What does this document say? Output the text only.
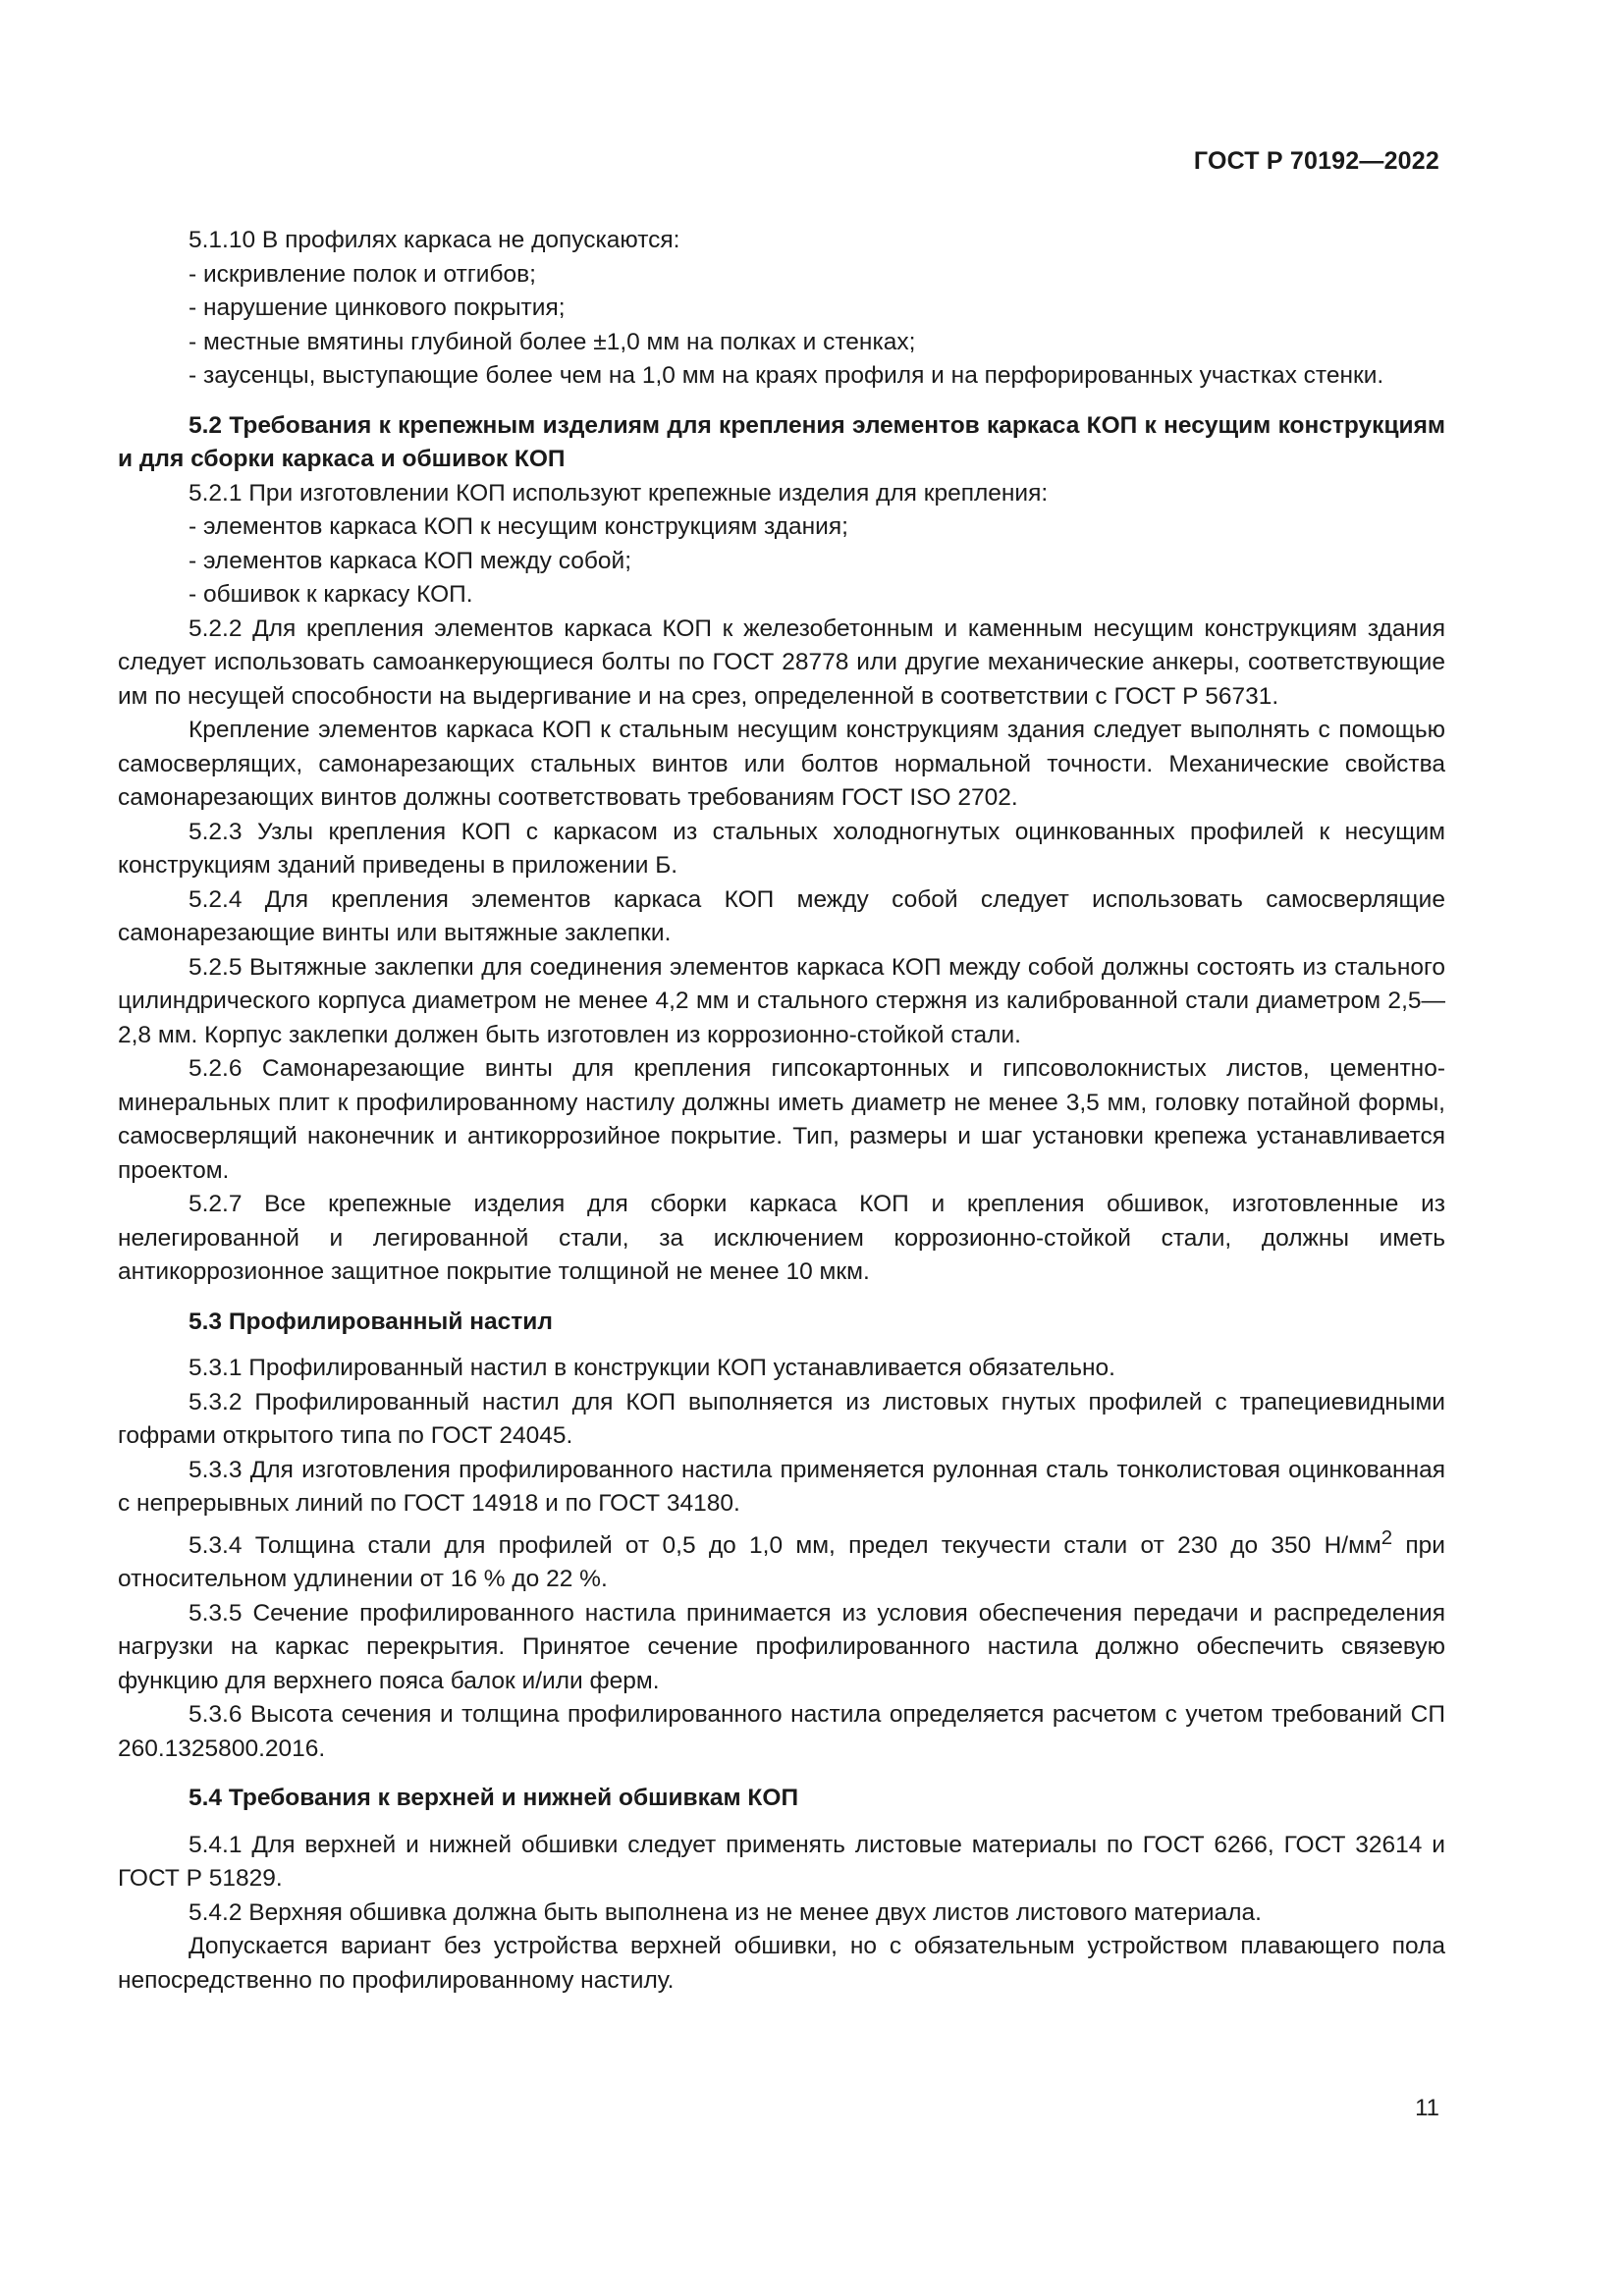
ГОСТ Р 70192—2022

5.1.10 В профилях каркаса не допускаются:

- искривление полок и отгибов;

- нарушение цинкового покрытия;

- местные вмятины глубиной более ±1,0 мм на полках и стенках;

- заусенцы, выступающие более чем на 1,0 мм на краях профиля и на перфорированных участках стенки.

5.2 Требования к крепежным изделиям для крепления элементов каркаса КОП к несущим конструкциям и для сборки каркаса и обшивок КОП

5.2.1 При изготовлении КОП используют крепежные изделия для крепления:

- элементов каркаса КОП к несущим конструкциям здания;

- элементов каркаса КОП между собой;

- обшивок к каркасу КОП.

5.2.2 Для крепления элементов каркаса КОП к железобетонным и каменным несущим конструкциям здания следует использовать самоанкерующиеся болты по ГОСТ 28778 или другие механические анкеры, соответствующие им по несущей способности на выдергивание и на срез, определенной в соответствии с ГОСТ Р 56731.

Крепление элементов каркаса КОП к стальным несущим конструкциям здания следует выполнять с помощью самосверлящих, самонарезающих стальных винтов или болтов нормальной точности. Механические свойства самонарезающих винтов должны соответствовать требованиям ГОСТ ISO 2702.

5.2.3 Узлы крепления КОП с каркасом из стальных холодногнутых оцинкованных профилей к несущим конструкциям зданий приведены в приложении Б.

5.2.4 Для крепления элементов каркаса КОП между собой следует использовать самосверлящие самонарезающие винты или вытяжные заклепки.

5.2.5 Вытяжные заклепки для соединения элементов каркаса КОП между собой должны состоять из стального цилиндрического корпуса диаметром не менее 4,2 мм и стального стержня из калиброванной стали диаметром 2,5—2,8 мм. Корпус заклепки должен быть изготовлен из коррозионно-стойкой стали.

5.2.6 Самонарезающие винты для крепления гипсокартонных и гипсоволокнистых листов, цементно-минеральных плит к профилированному настилу должны иметь диаметр не менее 3,5 мм, головку потайной формы, самосверлящий наконечник и антикоррозийное покрытие. Тип, размеры и шаг установки крепежа устанавливается проектом.

5.2.7 Все крепежные изделия для сборки каркаса КОП и крепления обшивок, изготовленные из нелегированной и легированной стали, за исключением коррозионно-стойкой стали, должны иметь антикоррозионное защитное покрытие толщиной не менее 10 мкм.

5.3 Профилированный настил

5.3.1 Профилированный настил в конструкции КОП устанавливается обязательно.

5.3.2 Профилированный настил для КОП выполняется из листовых гнутых профилей с трапециевидными гофрами открытого типа по ГОСТ 24045.

5.3.3 Для изготовления профилированного настила применяется рулонная сталь тонколистовая оцинкованная с непрерывных линий по ГОСТ 14918 и по ГОСТ 34180.

5.3.4 Толщина стали для профилей от 0,5 до 1,0 мм, предел текучести стали от 230 до 350 $Н/мм^2$ при относительном удлинении от 16 % до 22 %.

5.3.5 Сечение профилированного настила принимается из условия обеспечения передачи и распределения нагрузки на каркас перекрытия. Принятое сечение профилированного настила должно обеспечить связевую функцию для верхнего пояса балок и/или ферм.

5.3.6 Высота сечения и толщина профилированного настила определяется расчетом с учетом требований СП 260.1325800.2016.

5.4 Требования к верхней и нижней обшивкам КОП

5.4.1 Для верхней и нижней обшивки следует применять листовые материалы по ГОСТ 6266, ГОСТ 32614 и ГОСТ Р 51829.

5.4.2 Верхняя обшивка должна быть выполнена из не менее двух листов листового материала.

Допускается вариант без устройства верхней обшивки, но с обязательным устройством плавающего пола непосредственно по профилированному настилу.

11
